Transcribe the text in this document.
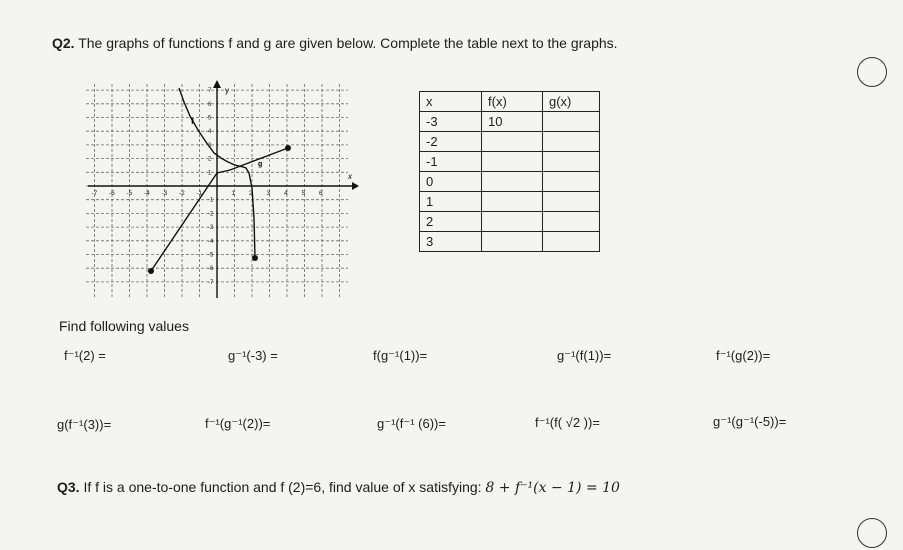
Q2. The graphs of functions f and g are given below. Complete the table next to the graphs.
-7 -6 -5 -4 -3 -2 -1	1 2 3 4 5 6
7
6
5
4
3
2
1
-1
-2
-3
-4
-5
-6
-7
y
x
f
g
x	f(x)	g(x)
-3	10	
-2		
-1		
0		
1		
2		
3		
Find following values
f⁻¹(2) =	g⁻¹(-3) =	f(g⁻¹(1))=	g⁻¹(f(1))=	f⁻¹(g(2))=
g(f⁻¹(3))=	f⁻¹(g⁻¹(2))=	g⁻¹(f⁻¹ (6))=	f⁻¹(f( √2 ))=	g⁻¹(g⁻¹(-5))=
Q3. If f is a one-to-one function and f (2)=6, find value of x satisfying: 8 + f⁻¹(x − 1) = 10
